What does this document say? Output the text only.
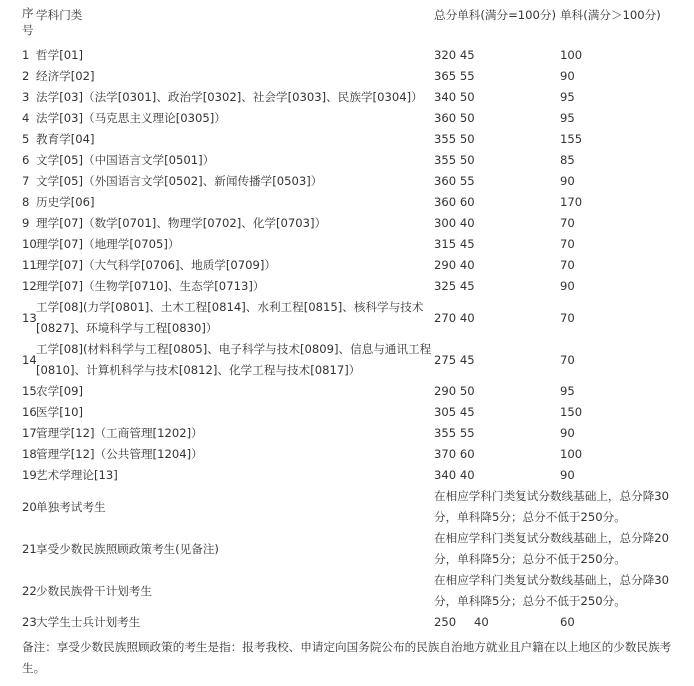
序
号	学科门类	总分单科(满分=100分)	单科(满分＞100分)
1	哲学[01]	320 45	100
2	经济学[02]	365 55	90
3	法学[03]（法学[0301]、政治学[0302]、社会学[0303]、民族学[0304]）	340 50	95
4	法学[03]（马克思主义理论[0305]）	360 50	95
5	教育学[04]	355 50	155
6	文学[05]（中国语言文学[0501]）	355 50	85
7	文学[05]（外国语言文学[0502]、新闻传播学[0503]）	360 55	90
8	历史学[06]	360 60	170
9	理学[07]（数学[0701]、物理学[0702]、化学[0703]）	300 40	70
10	理学[07]（地理学[0705]）	315 45	70
11	理学[07]（大气科学[0706]、地质学[0709]）	290 40	70
12	理学[07]（生物学[0710]、生态学[0713]）	325 45	90
13	工学[08](力学[0801]、土木工程[0814]、水利工程[0815]、核科学与技术[0827]、环境科学与工程[0830]）	270 40	70
14	工学[08](材料科学与工程[0805]、电子科学与技术[0809]、信息与通讯工程[0810]、计算机科学与技术[0812]、化学工程与技术[0817]）	275 45	70
15	农学[09]	290 50	95
16	医学[10]	305 45	150
17	管理学[12]（工商管理[1202]）	355 55	90
18	管理学[12]（公共管理[1204]）	370 60	100
19	艺术学理论[13]	340 40	90
20	单独考试考生	在相应学科门类复试分数线基础上，总分降30分，单科降5分；总分不低于250分。	
21	享受少数民族照顾政策考生(见备注)	在相应学科门类复试分数线基础上，总分降20分，单科降5分；总分不低于250分。	
22	少数民族骨干计划考生	在相应学科门类复试分数线基础上，总分降30分，单科降5分；总分不低于250分。	
23	大学生士兵计划考生	250 40	60
备注：享受少数民族照顾政策的考生是指：报考我校、申请定向国务院公布的民族自治地方就业且户籍在以上地区的少数民族考生。
